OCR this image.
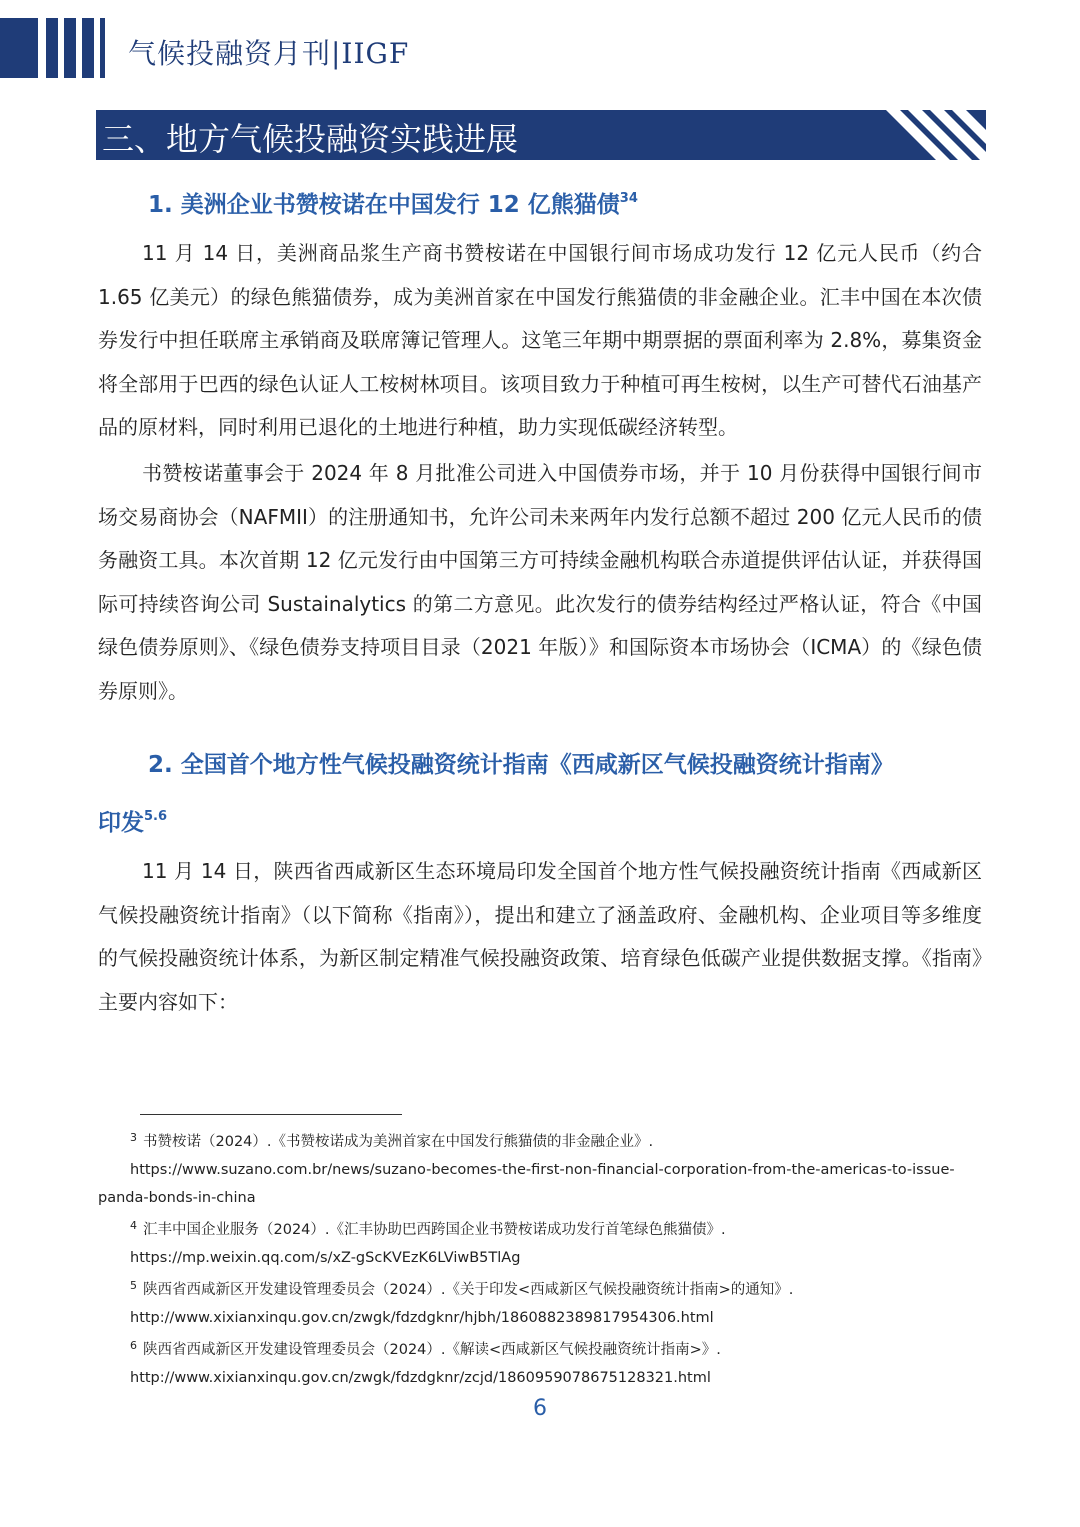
气候投融资月刊|IIGF
三、地方气候投融资实践进展
1. 美洲企业书赞桉诺在中国发行 12 亿熊猫债$^{34}$

11 月 14 日，美洲商品浆生产商书赞桉诺在中国银行间市场成功发行 12 亿元人民币（约合 1.65 亿美元）的绿色熊猫债券，成为美洲首家在中国发行熊猫债的非金融企业。汇丰中国在本次债券发行中担任联席主承销商及联席簿记管理人。这笔三年期中期票据的票面利率为 2.8%，募集资金将全部用于巴西的绿色认证人工桉树林项目。该项目致力于种植可再生桉树，以生产可替代石油基产品的原材料，同时利用已退化的土地进行种植，助力实现低碳经济转型。

书赞桉诺董事会于 2024 年 8 月批准公司进入中国债券市场，并于 10 月份获得中国银行间市场交易商协会（NAFMII）的注册通知书，允许公司未来两年内发行总额不超过 200 亿元人民币的债务融资工具。本次首期 12 亿元发行由中国第三方可持续金融机构联合赤道提供评估认证，并获得国际可持续咨询公司 Sustainalytics 的第二方意见。此次发行的债券结构经过严格认证，符合《中国绿色债券原则》、《绿色债券支持项目目录（2021 年版）》和国际资本市场协会（ICMA）的《绿色债券原则》。

2. 全国首个地方性气候投融资统计指南《西咸新区气候投融资统计指南》
印发$^{5.6}$

11 月 14 日，陕西省西咸新区生态环境局印发全国首个地方性气候投融资统计指南《西咸新区气候投融资统计指南》（以下简称《指南》），提出和建立了涵盖政府、金融机构、企业项目等多维度的气候投融资统计体系，为新区制定精准气候投融资政策、培育绿色低碳产业提供数据支撑。《指南》主要内容如下：

$^3$ 书赞桉诺（2024）.《书赞桉诺成为美洲首家在中国发行熊猫债的非金融企业》.
https://www.suzano.com.br/news/suzano-becomes-the-first-non-financial-corporation-from-the-americas-to-issue-
panda-bonds-in-china
$^4$ 汇丰中国企业服务（2024）.《汇丰协助巴西跨国企业书赞桉诺成功发行首笔绿色熊猫债》.
https://mp.weixin.qq.com/s/xZ-gScKVEzK6LViwB5TlAg
$^5$ 陕西省西咸新区开发建设管理委员会（2024）.《关于印发<西咸新区气候投融资统计指南>的通知》.
http://www.xixianxinqu.gov.cn/zwgk/fdzdgknr/hjbh/1860882389817954306.html
$^6$ 陕西省西咸新区开发建设管理委员会（2024）.《解读<西咸新区气候投融资统计指南>》.
http://www.xixianxinqu.gov.cn/zwgk/fdzdgknr/zcjd/1860959078675128321.html
6
